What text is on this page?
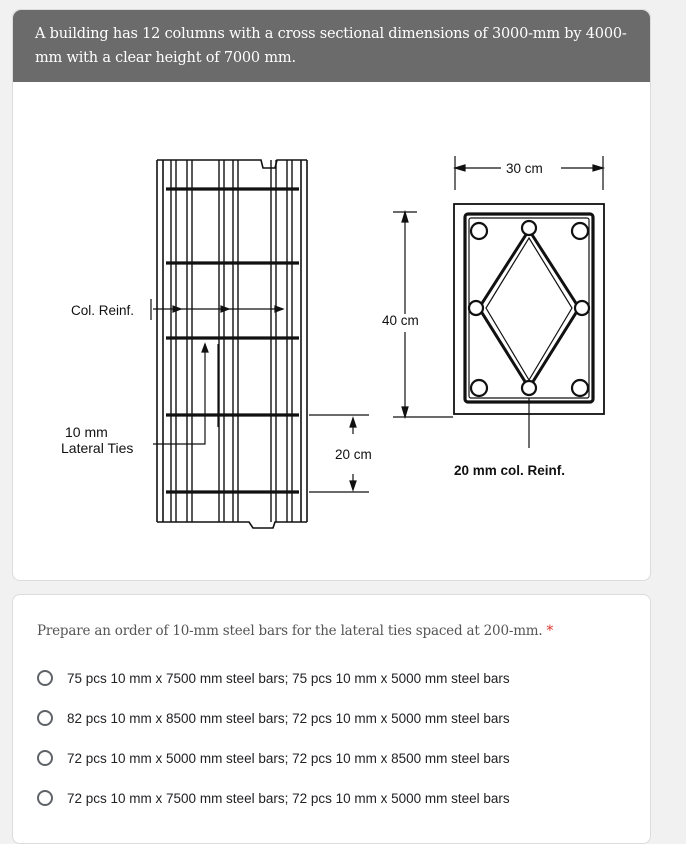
A building has 12 columns with a cross sectional dimensions of 3000-mm by 4000-mm with a clear height of 7000 mm.
Col. Reinf.
10 mm
Lateral Ties	20 cm
40 cm
30 cm
20 mm col. Reinf.
Prepare an order of 10-mm steel bars for the lateral ties spaced at 200-mm. *
75 pcs 10 mm x 7500 mm steel bars; 75 pcs 10 mm x 5000 mm steel bars
82 pcs 10 mm x 8500 mm steel bars; 72 pcs 10 mm x 5000 mm steel bars
72 pcs 10 mm x 5000 mm steel bars; 72 pcs 10 mm x 8500 mm steel bars
72 pcs 10 mm x 7500 mm steel bars; 72 pcs 10 mm x 5000 mm steel bars
